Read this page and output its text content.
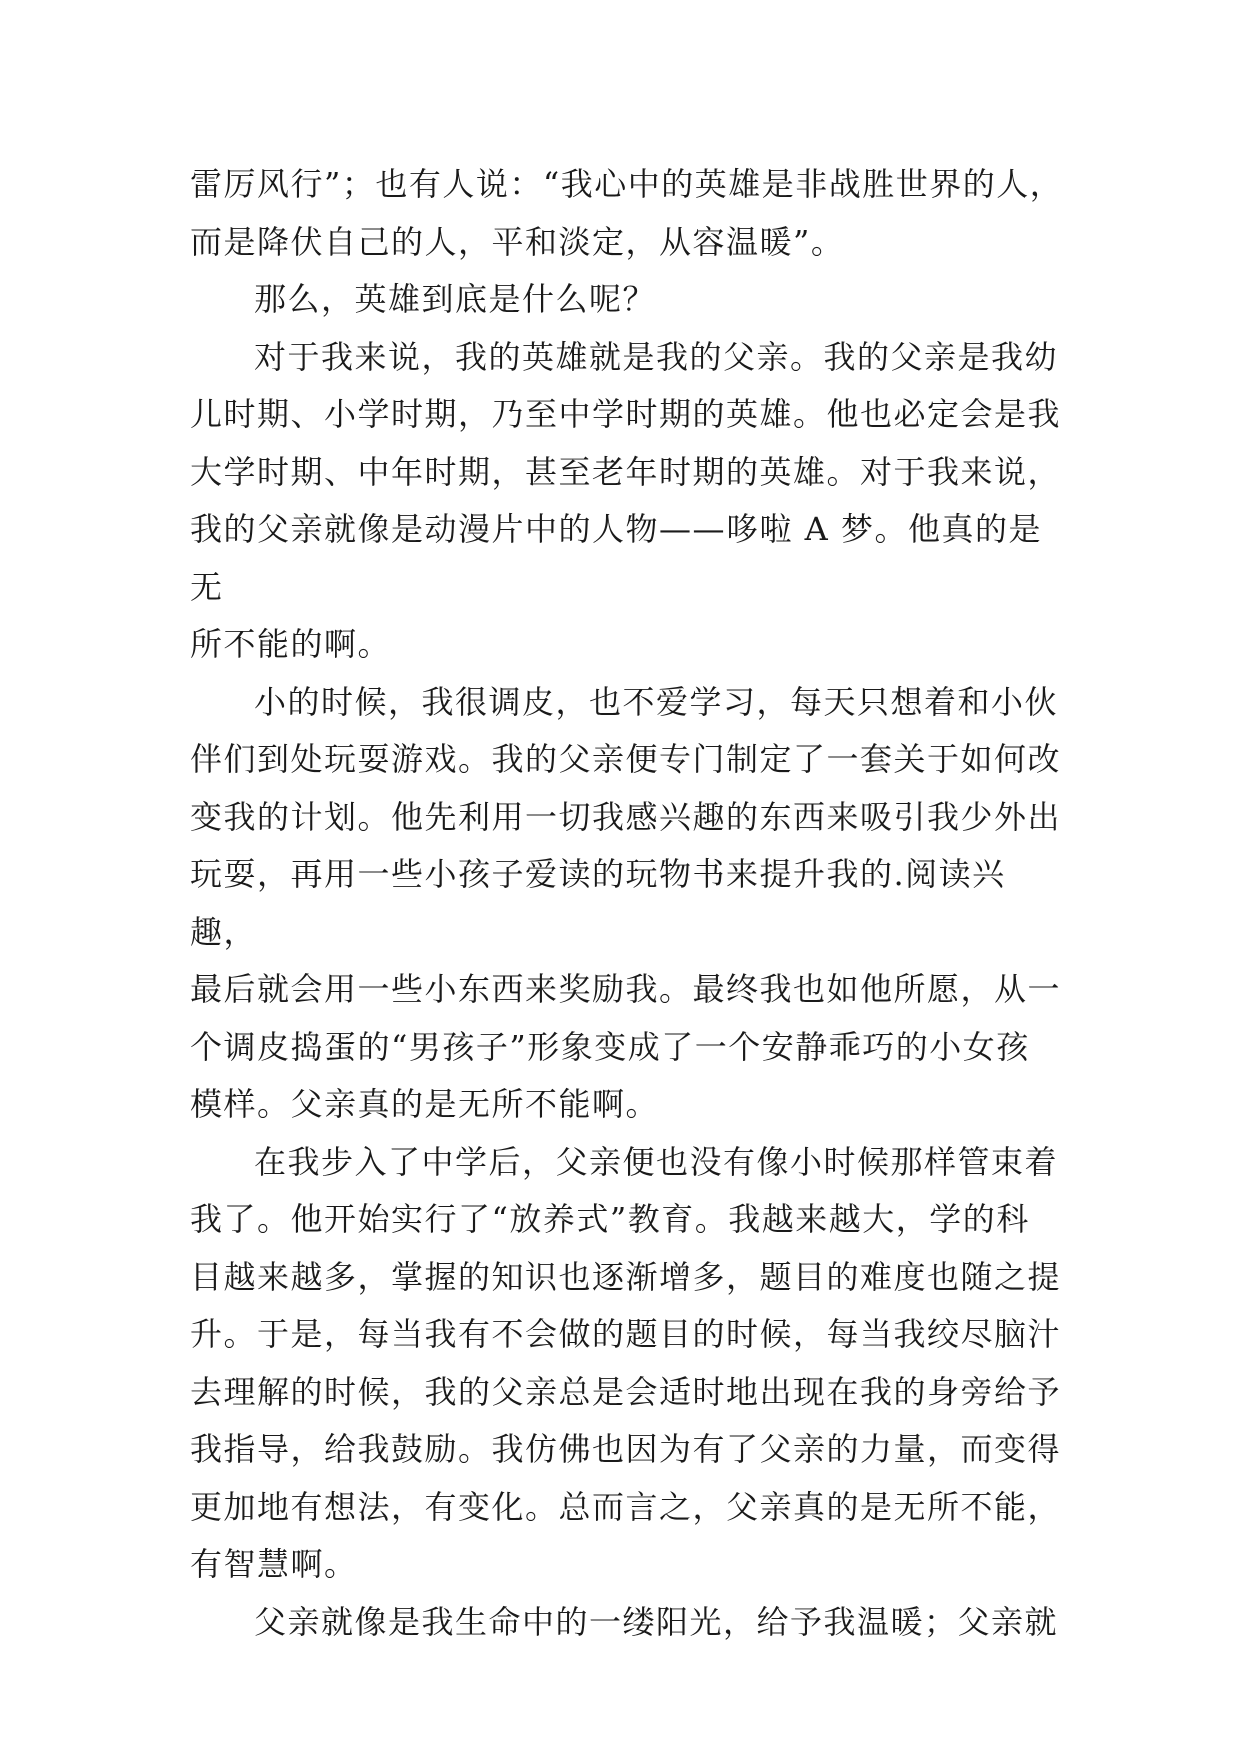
雷厉风行”；也有人说：“我心中的英雄是非战胜世界的人，
而是降伏自己的人，平和淡定，从容温暖”。

那么，英雄到底是什么呢？

对于我来说，我的英雄就是我的父亲。我的父亲是我幼
儿时期、小学时期，乃至中学时期的英雄。他也必定会是我
大学时期、中年时期，甚至老年时期的英雄。对于我来说，
我的父亲就像是动漫片中的人物——哆啦 A 梦。他真的是无
所不能的啊。

小的时候，我很调皮，也不爱学习，每天只想着和小伙
伴们到处玩耍游戏。我的父亲便专门制定了一套关于如何改
变我的计划。他先利用一切我感兴趣的东西来吸引我少外出
玩耍，再用一些小孩子爱读的玩物书来提升我的.阅读兴趣，
最后就会用一些小东西来奖励我。最终我也如他所愿，从一
个调皮捣蛋的“男孩子”形象变成了一个安静乖巧的小女孩
模样。父亲真的是无所不能啊。

在我步入了中学后，父亲便也没有像小时候那样管束着
我了。他开始实行了“放养式”教育。我越来越大，学的科
目越来越多，掌握的知识也逐渐增多，题目的难度也随之提
升。于是，每当我有不会做的题目的时候，每当我绞尽脑汁
去理解的时候，我的父亲总是会适时地出现在我的身旁给予
我指导，给我鼓励。我仿佛也因为有了父亲的力量，而变得
更加地有想法，有变化。总而言之，父亲真的是无所不能，
有智慧啊。

父亲就像是我生命中的一缕阳光，给予我温暖；父亲就
